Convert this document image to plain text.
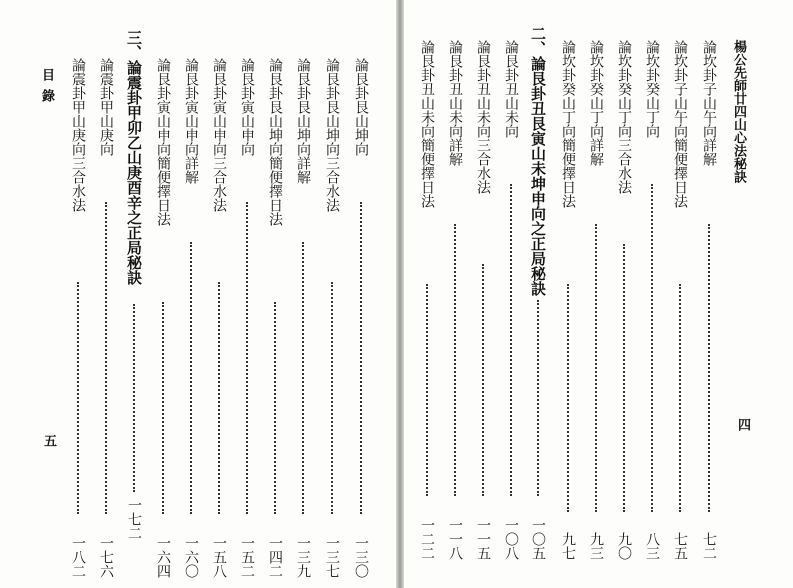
楊公先師廿四山心法秘訣
四
目錄
五
論坎卦子山午向詳解
七二
論坎卦子山午向簡便擇日法
七五
論坎卦癸山丁向
八三
論坎卦癸山丁向三合水法
九〇
論坎卦癸山丁向詳解
九三
論坎卦癸山丁向簡便擇日法
九七
二、論艮卦丑艮寅山未坤申向之正局秘訣
一〇五
論艮卦丑山未向
一〇八
論艮卦丑山未向三合水法
一一五
論艮卦丑山未向詳解
一一八
論艮卦丑山未向簡便擇日法
一二二
論艮卦艮山坤向
一三〇
論艮卦艮山坤向三合水法
一三七
論艮卦艮山坤向詳解
一三九
論艮卦艮山坤向簡便擇日法
一四二
論艮卦寅山申向
一五二
論艮卦寅山申向三合水法
一五八
論艮卦寅山申向詳解
一六〇
論艮卦寅山申向簡便擇日法
一六四
三、論震卦甲卯乙山庚酉辛之正局秘訣
一七二
論震卦甲山庚向
一七六
論震卦甲山庚向三合水法
一八二
